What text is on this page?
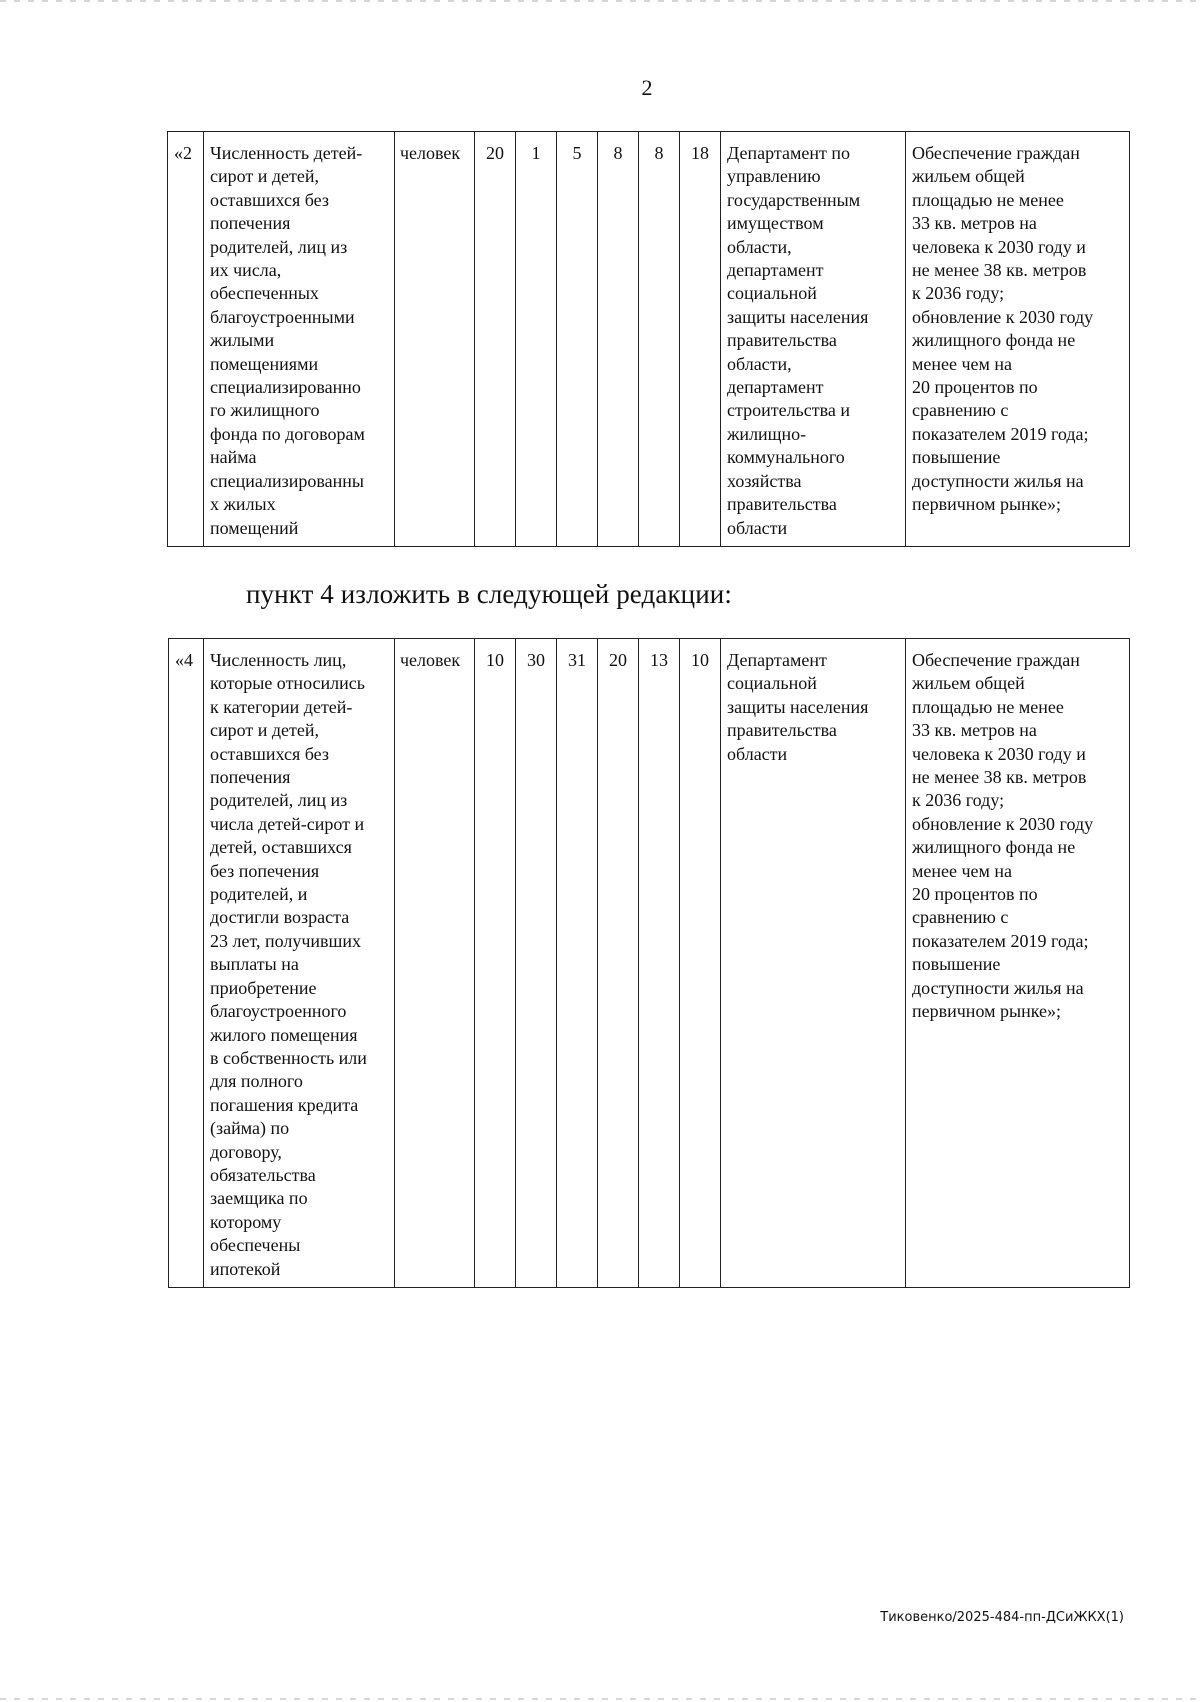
2
«2	Численность детей-
сирот и детей,
оставшихся без
попечения
родителей, лиц из
их числа,
обеспеченных
благоустроенными
жилыми
помещениями
специализированно
го жилищного
фонда по договорам
найма
специализированны
х жилых
помещений	человек	20	1	5	8	8	18	Департамент по
управлению
государственным
имуществом
области,
департамент
социальной
защиты населения
правительства
области,
департамент
строительства и
жилищно-
коммунального
хозяйства
правительства
области	Обеспечение граждан
жильем общей
площадью не менее
33 кв. метров на
человека к 2030 году и
не менее 38 кв. метров
к 2036 году;
обновление к 2030 году
жилищного фонда не
менее чем на
20 процентов по
сравнению с
показателем 2019 года;
повышение
доступности жилья на
первичном рынке»;
пункт 4 изложить в следующей редакции:
«4	Численность лиц,
которые относились
к категории детей-
сирот и детей,
оставшихся без
попечения
родителей, лиц из
числа детей-сирот и
детей, оставшихся
без попечения
родителей, и
достигли возраста
23 лет, получивших
выплаты на
приобретение
благоустроенного
жилого помещения
в собственность или
для полного
погашения кредита
(займа) по
договору,
обязательства
заемщика по
которому
обеспечены
ипотекой	человек	10	30	31	20	13	10	Департамент
социальной
защиты населения
правительства
области	Обеспечение граждан
жильем общей
площадью не менее
33 кв. метров на
человека к 2030 году и
не менее 38 кв. метров
к 2036 году;
обновление к 2030 году
жилищного фонда не
менее чем на
20 процентов по
сравнению с
показателем 2019 года;
повышение
доступности жилья на
первичном рынке»;
Тиковенко/2025-484-пп-ДСиЖКХ(1)
